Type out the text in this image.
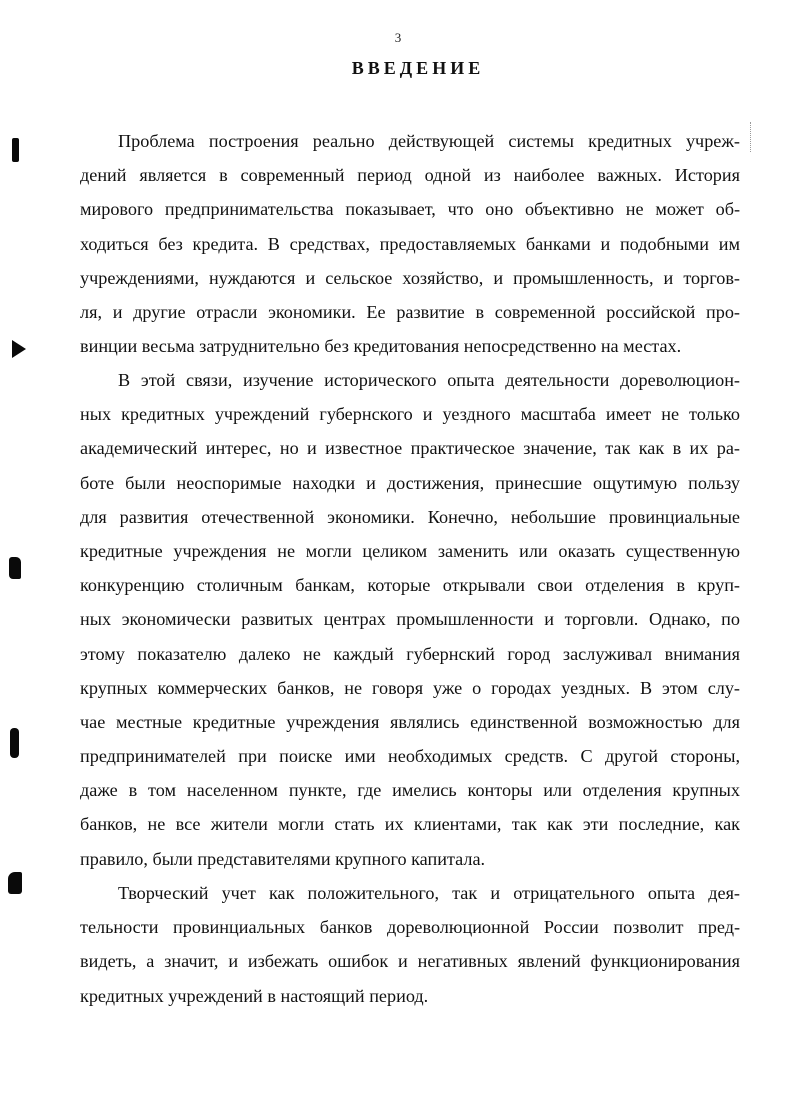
3
ВВЕДЕНИЕ
Проблема построения реально действующей системы кредитных учреж-
дений является в современный период одной из наиболее важных. История
мирового предпринимательства показывает, что оно объективно не может об-
ходиться без кредита. В средствах, предоставляемых банками и подобными им
учреждениями, нуждаются и сельское хозяйство, и промышленность, и торгов-
ля, и другие отрасли экономики. Ее развитие в современной российской про-
винции весьма затруднительно без кредитования непосредственно на местах.
В этой связи, изучение исторического опыта деятельности дореволюцион-
ных кредитных учреждений губернского и уездного масштаба имеет не только
академический интерес, но и известное практическое значение, так как в их ра-
боте были неоспоримые находки и достижения, принесшие ощутимую пользу
для развития отечественной экономики. Конечно, небольшие провинциальные
кредитные учреждения не могли целиком заменить или оказать существенную
конкуренцию столичным банкам, которые открывали свои отделения в круп-
ных экономически развитых центрах промышленности и торговли. Однако, по
этому показателю далеко не каждый губернский город заслуживал внимания
крупных коммерческих банков, не говоря уже о городах уездных. В этом слу-
чае местные кредитные учреждения являлись единственной возможностью для
предпринимателей при поиске ими необходимых средств. С другой стороны,
даже в том населенном пункте, где имелись конторы или отделения крупных
банков, не все жители могли стать их клиентами, так как эти последние, как
правило, были представителями крупного капитала.
Творческий учет как положительного, так и отрицательного опыта дея-
тельности провинциальных банков дореволюционной России позволит пред-
видеть, а значит, и избежать ошибок и негативных явлений функционирования
кредитных учреждений в настоящий период.
